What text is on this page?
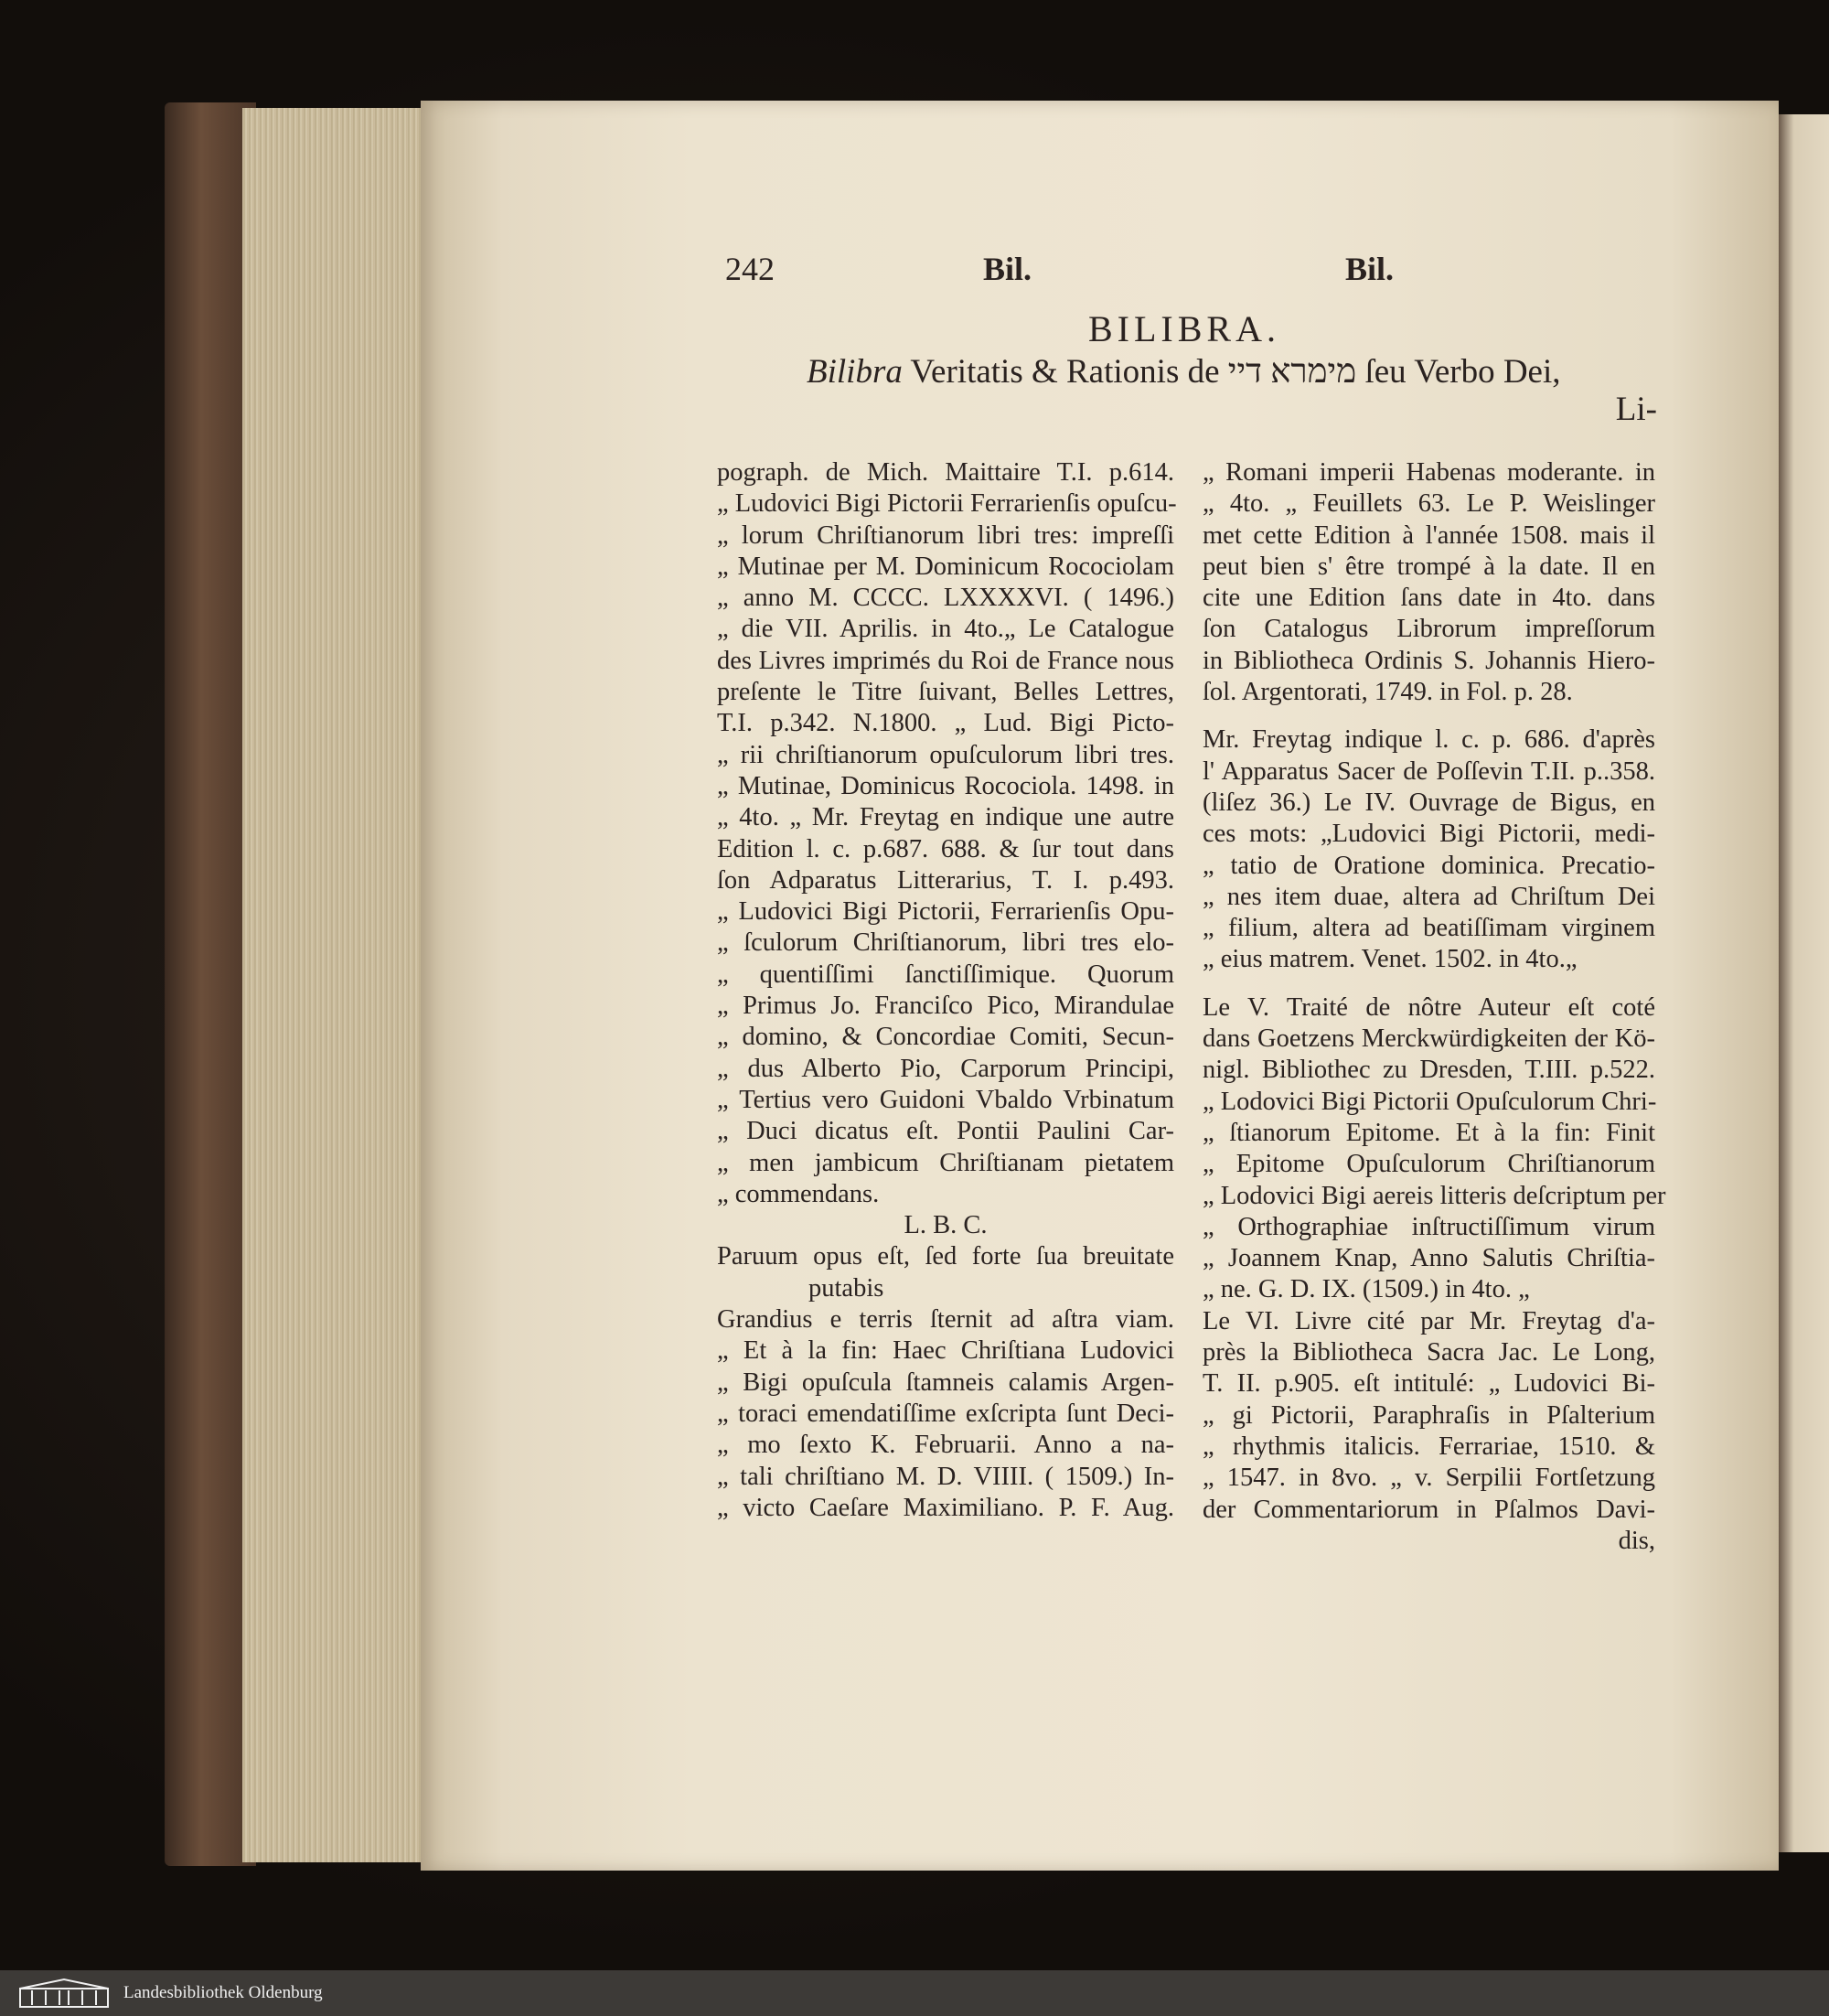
242	Bil.	Bil.
BILIBRA.
Bilibra Veritatis & Rationis de מימרא דיי ſeu Verbo Dei,
Li-
pograph. de Mich. Maittaire T.I. p.614.
„ Ludovici Bigi Pictorii Ferrarienſis opuſcu-
„ lorum Chriſtianorum libri tres: impreſſi
„ Mutinae per M. Dominicum Rocociolam
„ anno M. CCCC. LXXXXVI. ( 1496.)
„ die VII. Aprilis. in 4to.„ Le Catalogue
des Livres imprimés du Roi de France nous
preſente le Titre ſuivant, Belles Lettres,
T.I. p.342. N.1800. „ Lud. Bigi Picto-
„ rii chriſtianorum opuſculorum libri tres.
„ Mutinae, Dominicus Rocociola. 1498. in
„ 4to. „ Mr. Freytag en indique une autre
Edition l. c. p.687. 688. & ſur tout dans
ſon Adparatus Litterarius, T. I. p.493.
„ Ludovici Bigi Pictorii, Ferrarienſis Opu-
„ ſculorum Chriſtianorum, libri tres elo-
„ quentiſſimi ſanctiſſimique. Quorum
„ Primus Jo. Franciſco Pico, Mirandulae
„ domino, & Concordiae Comiti, Secun-
„ dus Alberto Pio, Carporum Principi,
„ Tertius vero Guidoni Vbaldo Vrbinatum
„ Duci dicatus eſt. Pontii Paulini Car-
„ men jambicum Chriſtianam pietatem
„ commendans.
L. B. C.
Paruum opus eſt, ſed forte ſua breuitate
putabis
Grandius e terris ſternit ad aſtra viam.
„ Et à la fin: Haec Chriſtiana Ludovici
„ Bigi opuſcula ſtamneis calamis Argen-
„ toraci emendatiſſime exſcripta ſunt Deci-
„ mo ſexto K. Februarii. Anno a na-
„ tali chriſtiano M. D. VIIII. ( 1509.) In-
„ victo Caeſare Maximiliano. P. F. Aug.
„ Romani imperii Habenas moderante. in
„ 4to. „ Feuillets 63. Le P. Weislinger
met cette Edition à l'année 1508. mais il
peut bien s' être trompé à la date. Il en
cite une Edition ſans date in 4to. dans
ſon Catalogus Librorum impreſſorum
in Bibliotheca Ordinis S. Johannis Hiero-
ſol. Argentorati, 1749. in Fol. p. 28.
Mr. Freytag indique l. c. p. 686. d'après
l' Apparatus Sacer de Poſſevin T.II. p..358.
(liſez 36.) Le IV. Ouvrage de Bigus, en
ces mots: „Ludovici Bigi Pictorii, medi-
„ tatio de Oratione dominica. Precatio-
„ nes item duae, altera ad Chriſtum Dei
„ filium, altera ad beatiſſimam virginem
„ eius matrem. Venet. 1502. in 4to.„
Le V. Traité de nôtre Auteur eſt coté
dans Goetzens Merckwürdigkeiten der Kö-
nigl. Bibliothec zu Dresden, T.III. p.522.
„ Lodovici Bigi Pictorii Opuſculorum Chri-
„ ſtianorum Epitome. Et à la fin: Finit
„ Epitome Opuſculorum Chriſtianorum
„ Lodovici Bigi aereis litteris deſcriptum per
„ Orthographiae inſtructiſſimum virum
„ Joannem Knap, Anno Salutis Chriſtia-
„ ne. G. D. IX. (1509.) in 4to. „
Le VI. Livre cité par Mr. Freytag d'a-
près la Bibliotheca Sacra Jac. Le Long,
T. II. p.905. eſt intitulé: „ Ludovici Bi-
„ gi Pictorii, Paraphraſis in Pſalterium
„ rhythmis italicis. Ferrariae, 1510. &
„ 1547. in 8vo. „ v. Serpilii Fortſetzung
der Commentariorum in Pſalmos Davi-
dis,
Landesbibliothek Oldenburg
